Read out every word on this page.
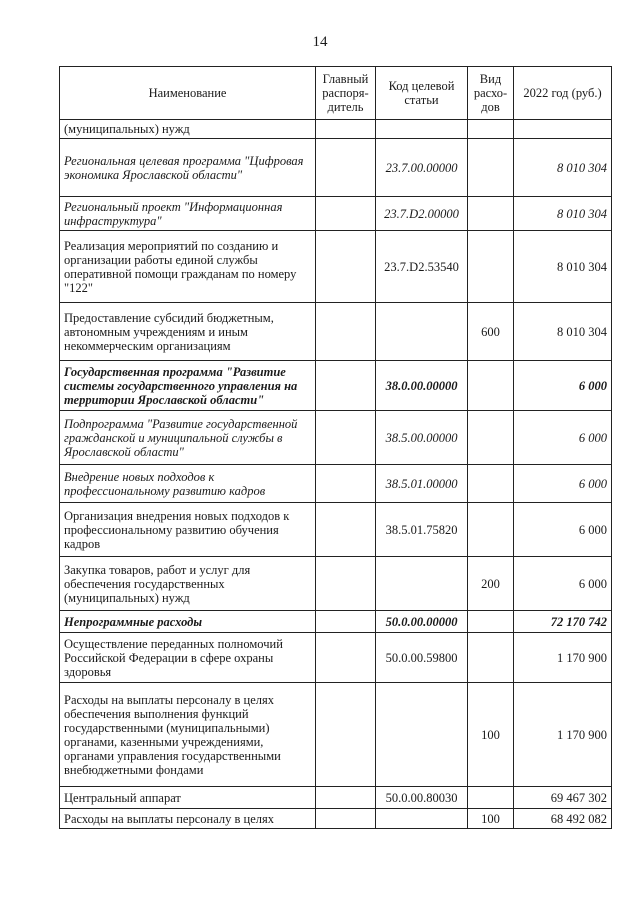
14
Наименование	Главный распоря- дитель	Код целевой статьи	Вид расхо- дов	2022 год (руб.)
(муниципальных) нужд				
Региональная целевая программа "Цифровая экономика Ярославской области"		23.7.00.00000		8 010 304
Региональный проект "Информационная инфраструктура"		23.7.D2.00000		8 010 304
Реализация мероприятий по созданию и организации работы единой службы оперативной помощи гражданам по номеру "122"		23.7.D2.53540		8 010 304
Предоставление субсидий бюджетным, автономным учреждениям и иным некоммерческим организациям			600	8 010 304
Государственная программа "Развитие системы государственного управления на территории Ярославской области"		38.0.00.00000		6 000
Подпрограмма "Развитие государственной гражданской и муниципальной службы в Ярославской области"		38.5.00.00000		6 000
Внедрение новых подходов к профессиональному развитию кадров		38.5.01.00000		6 000
Организация внедрения новых подходов к профессиональному развитию обучения кадров		38.5.01.75820		6 000
Закупка товаров, работ и услуг для обеспечения государственных (муниципальных) нужд			200	6 000
Непрограммные расходы		50.0.00.00000		72 170 742
Осуществление переданных полномочий Российской Федерации в сфере охраны здоровья		50.0.00.59800		1 170 900
Расходы на выплаты персоналу в целях обеспечения выполнения функций государственными (муниципальными) органами, казенными учреждениями, органами управления государственными внебюджетными фондами			100	1 170 900
Центральный аппарат		50.0.00.80030		69 467 302
Расходы на выплаты персоналу в целях			100	68 492 082
